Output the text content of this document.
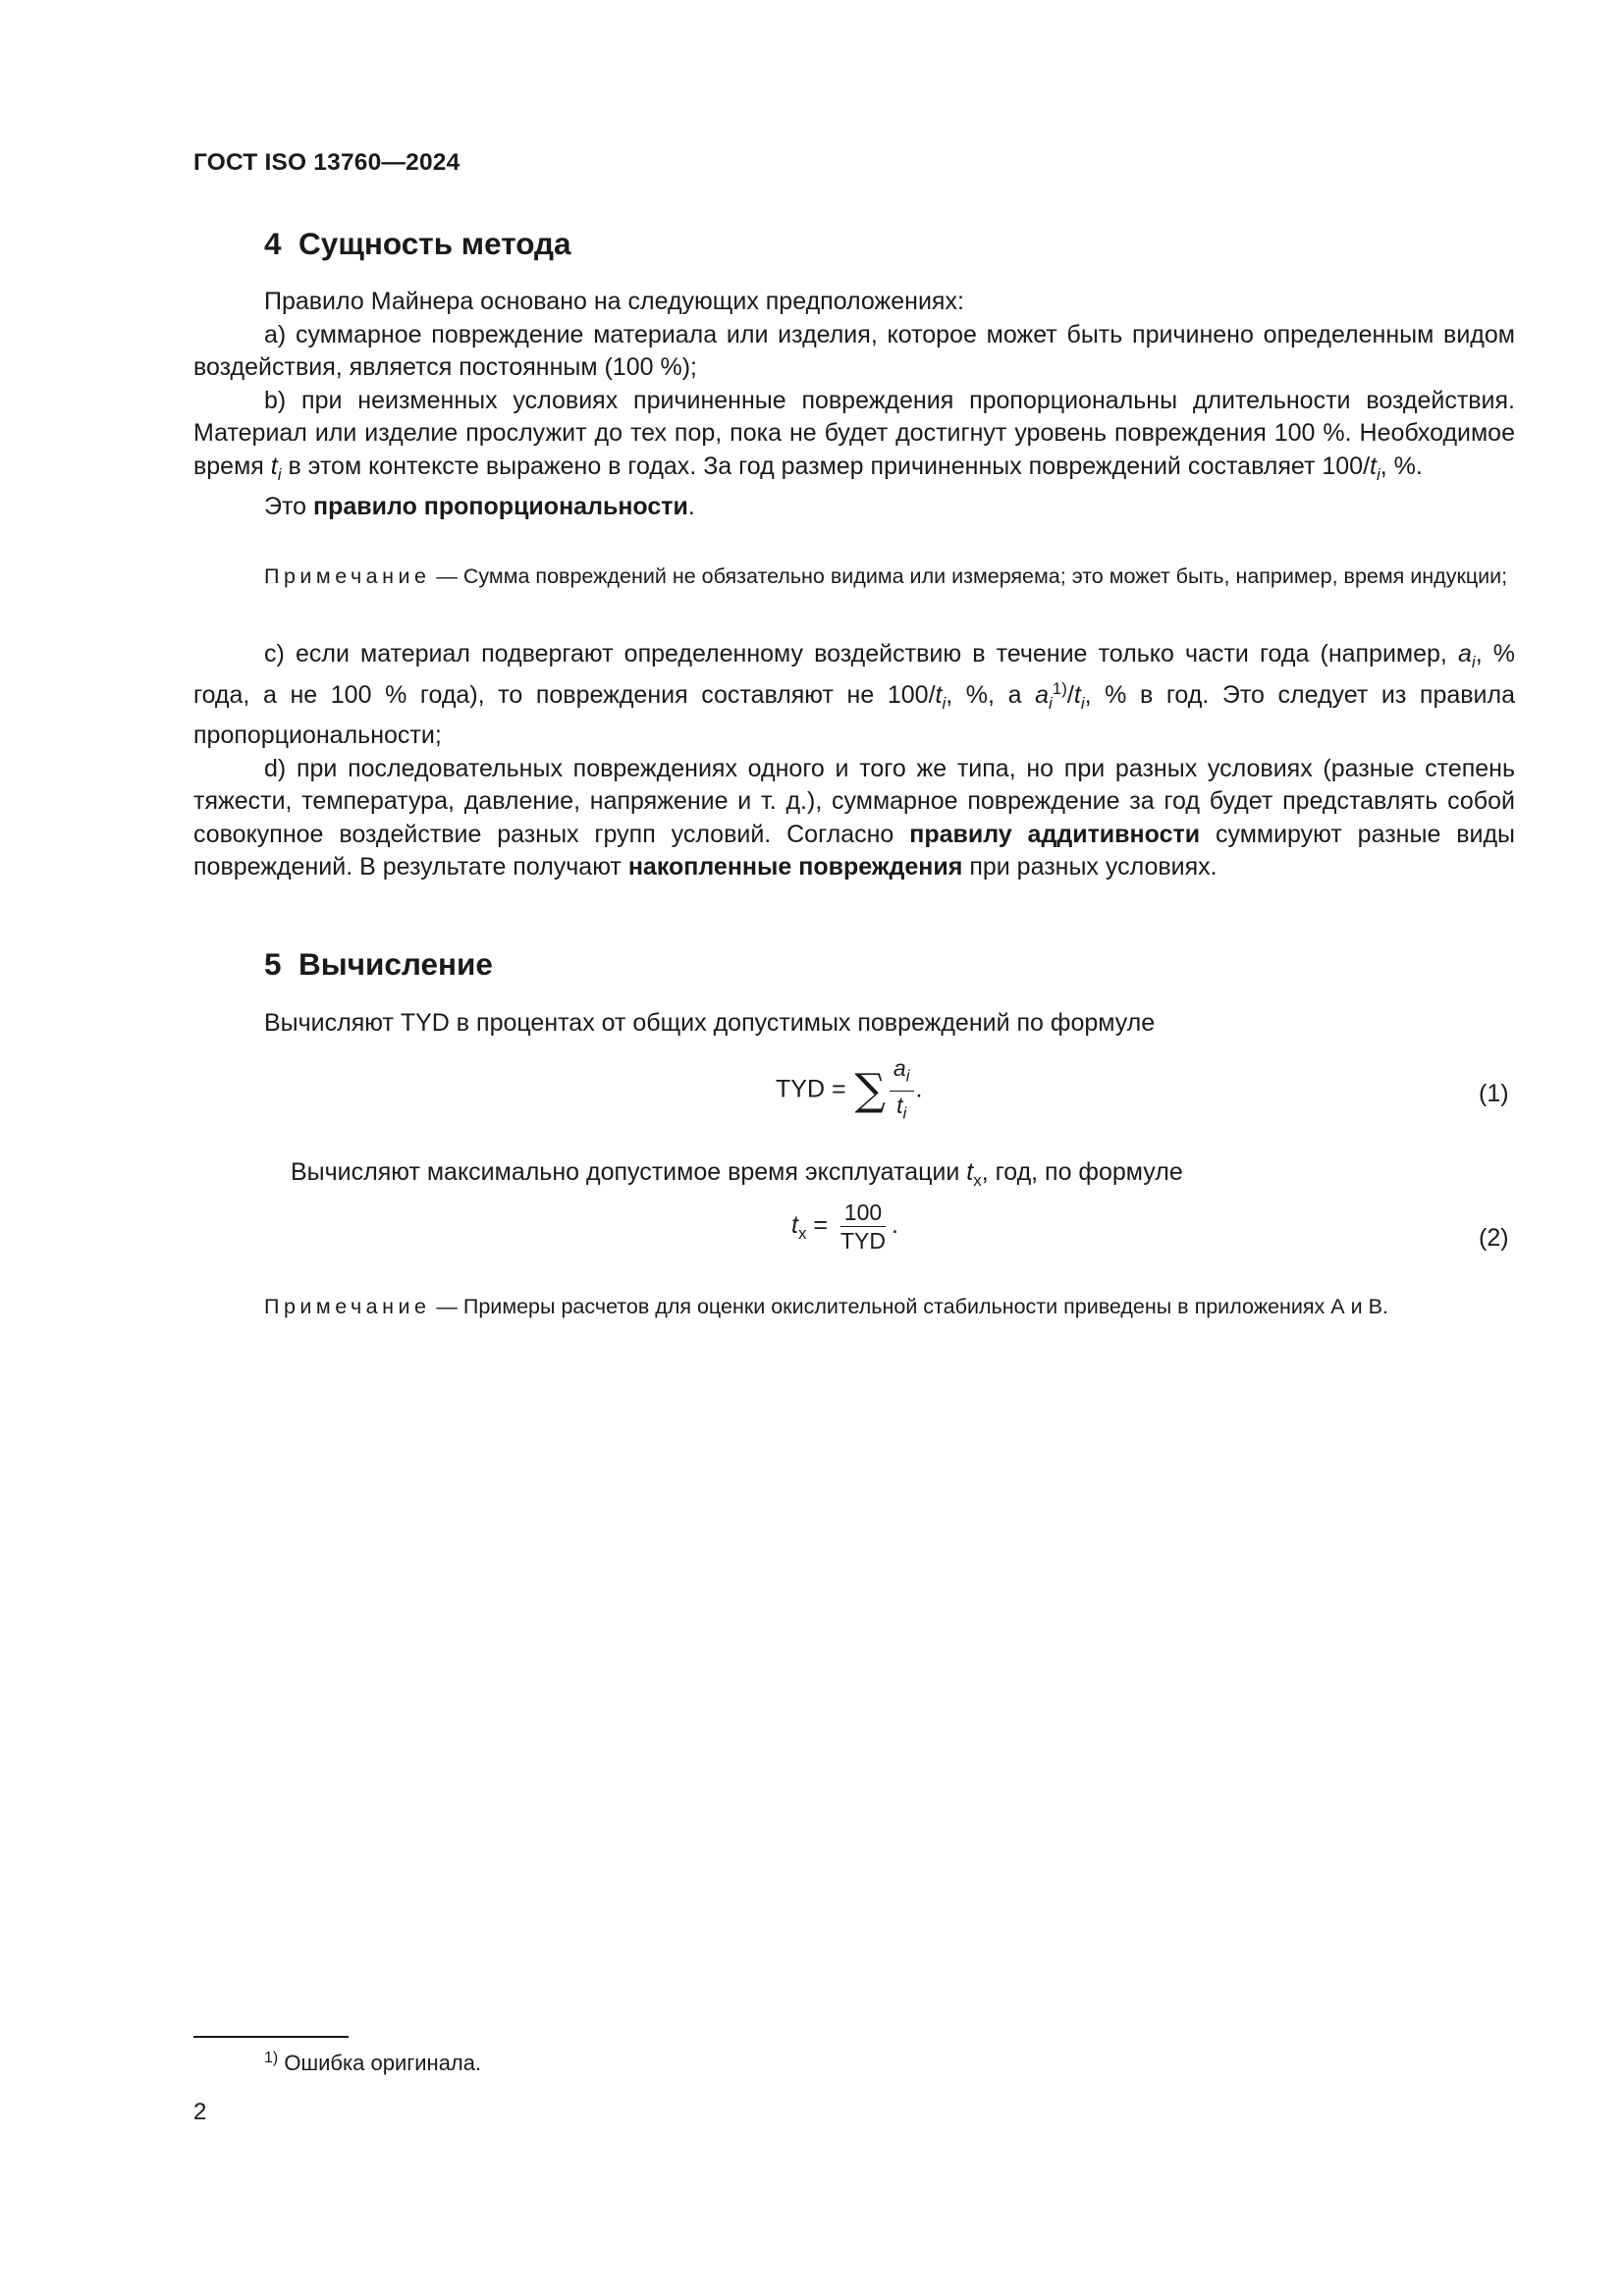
ГОСТ ISO 13760—2024
4 Сущность метода

Правило Майнера основано на следующих предположениях:

а) суммарное повреждение материала или изделия, которое может быть причинено определенным видом воздействия, является постоянным (100 %);

b) при неизменных условиях причиненные повреждения пропорциональны длительности воздействия. Материал или изделие прослужит до тех пор, пока не будет достигнут уровень повреждения 100 %. Необходимое время $t_i$ в этом контексте выражено в годах. За год размер причиненных повреждений составляет $100/t_i$, %.

Это правило пропорциональности.

Примечание — Сумма повреждений не обязательно видима или измеряема; это может быть, например, время индукции;

с) если материал подвергают определенному воздействию в течение только части года (например, $a_i$, % года, а не 100 % года), то повреждения составляют не $100/t_i$, %, а $a_i^{1)}/t_i$, % в год. Это следует из правила пропорциональности;

d) при последовательных повреждениях одного и того же типа, но при разных условиях (разные степень тяжести, температура, давление, напряжение и т. д.), суммарное повреждение за год будет представлять собой совокупное воздействие разных групп условий. Согласно правилу аддитивности суммируют разные виды повреждений. В результате получают накопленные повреждения при разных условиях.

5 Вычисление

Вычисляют TYD в процентах от общих допустимых повреждений по формуле

TYD = ∑ $\frac{a_i}{t_i}$ .	(1)

Вычисляют максимально допустимое время эксплуатации $t_x$, год, по формуле

$t_x = \frac{100}{\text{TYD}}$ .	(2)

Примечание — Примеры расчетов для оценки окислительной стабильности приведены в приложениях А и В.

$^{1)}$ Ошибка оригинала.
2
